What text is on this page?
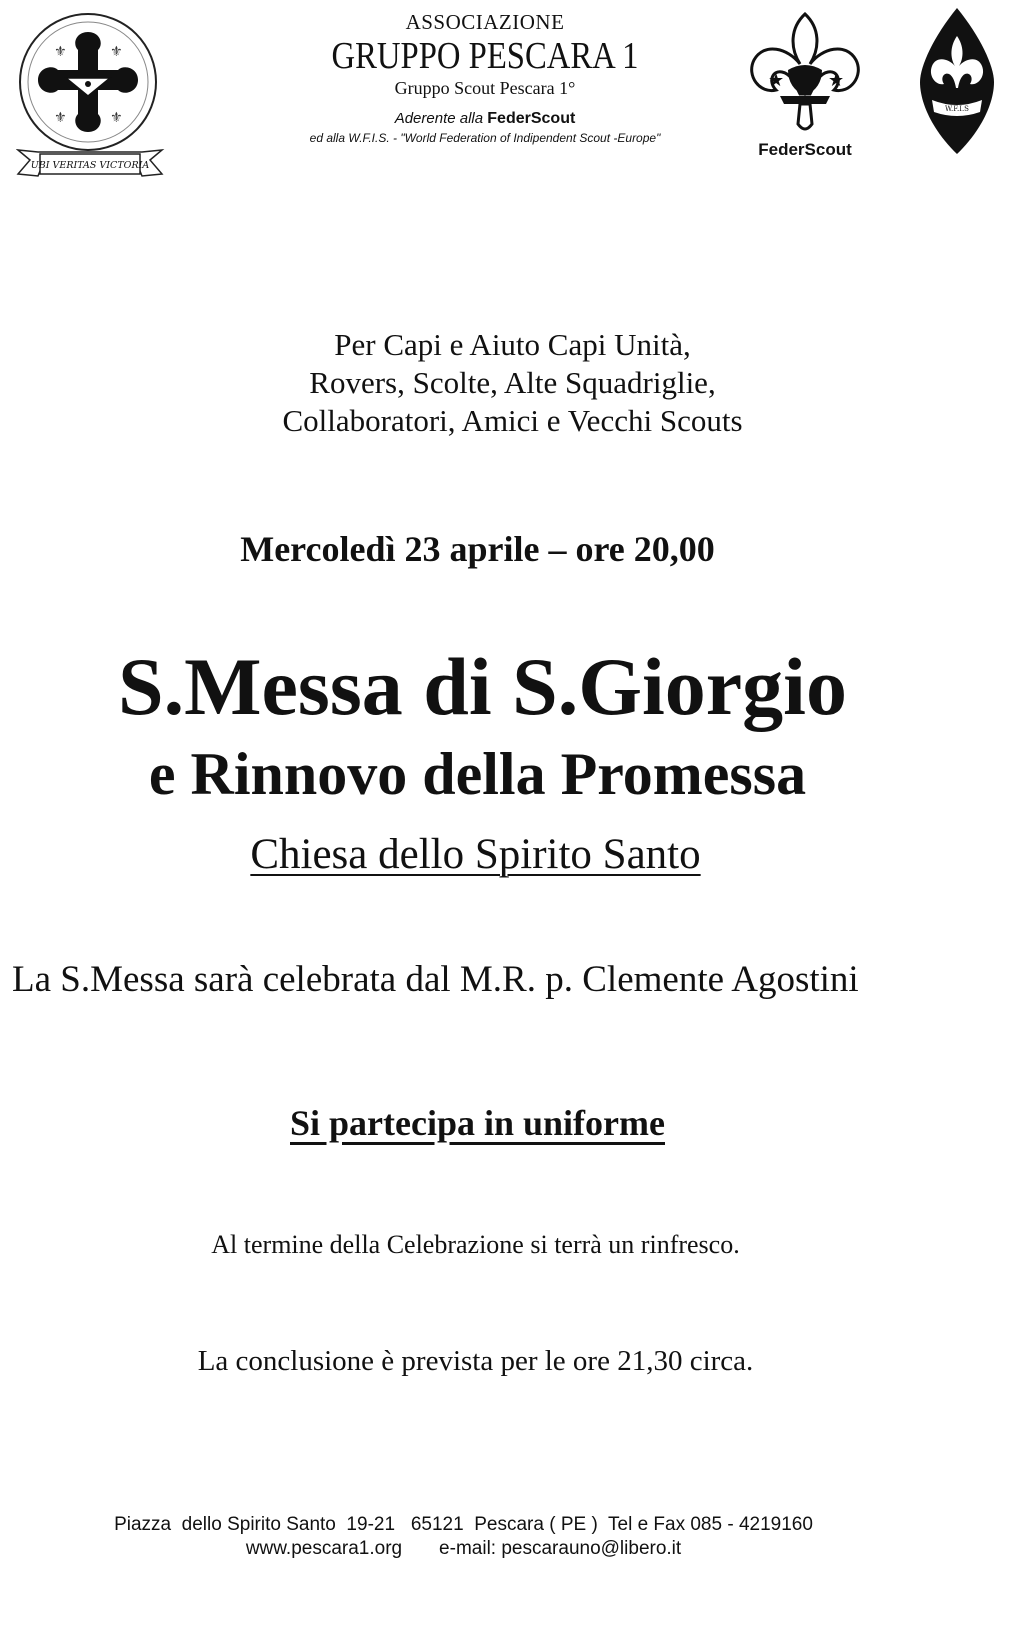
⚜	⚜
⚜	⚜
UBI VERITAS VICTORIA
ASSOCIAZIONE
GRUPPO PESCARA 1
Gruppo Scout Pescara 1°
Aderente alla FederScout
ed alla W.F.I.S. - "World Federation of Indipendent Scout -Europe"
★ ★
FederScout
W.F.I.S
Per Capi e Aiuto Capi Unità,
Rovers, Scolte, Alte Squadriglie,
Collaboratori, Amici e Vecchi Scouts
Mercoledì 23 aprile – ore 20,00
S.Messa di S.Giorgio
e Rinnovo della Promessa
Chiesa dello Spirito Santo
La S.Messa sarà celebrata dal M.R. p. Clemente Agostini
Si partecipa in uniforme
Al termine della Celebrazione si terrà un rinfresco.
La conclusione è prevista per le ore 21,30 circa.
Piazza  dello Spirito Santo  19-21   65121  Pescara ( PE )  Tel e Fax 085 - 4219160
www.pescara1.org       e-mail: pescarauno@libero.it
